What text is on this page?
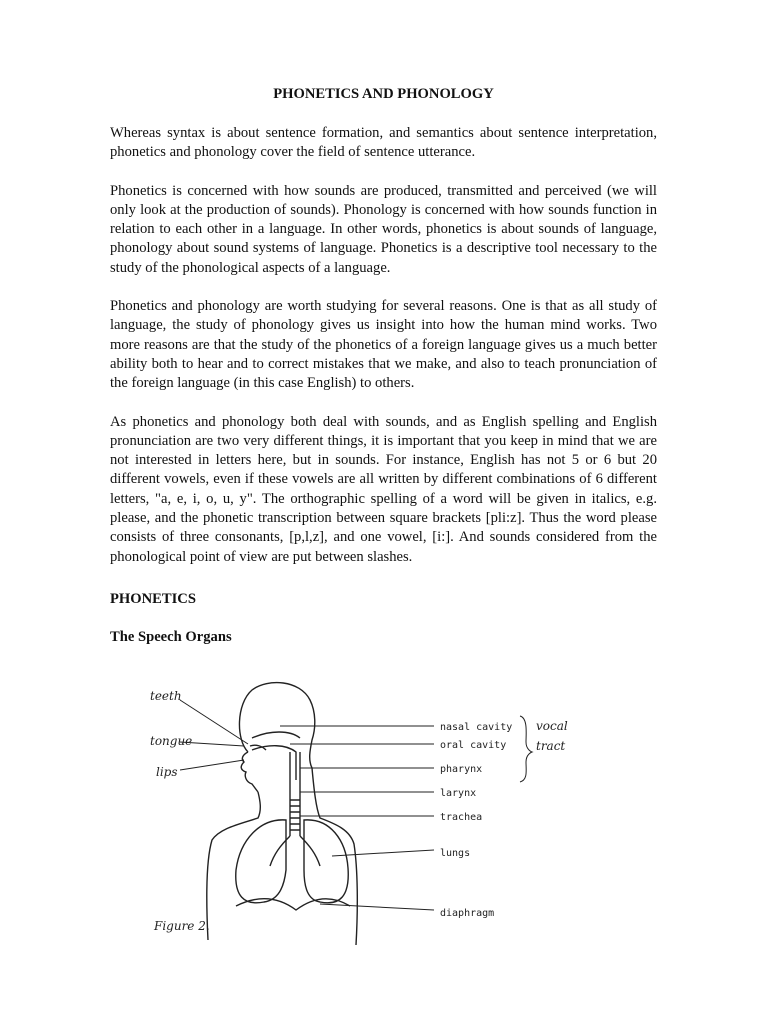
PHONETICS AND PHONOLOGY

Whereas syntax is about sentence formation, and semantics about sentence interpretation, phonetics and phonology cover the field of sentence utterance.

Phonetics is concerned with how sounds are produced, transmitted and perceived (we will only look at the production of sounds). Phonology is concerned with how sounds function in relation to each other in a language. In other words, phonetics is about sounds of language, phonology about sound systems of language. Phonetics is a descriptive tool necessary to the study of the phonological aspects of a language.

Phonetics and phonology are worth studying for several reasons. One is that as all study of language, the study of phonology gives us insight into how the human mind works. Two more reasons are that the study of the phonetics of a foreign language gives us a much better ability both to hear and to correct mistakes that we make, and also to teach pronunciation of the foreign language (in this case English) to others.

As phonetics and phonology both deal with sounds, and as English spelling and English pronunciation are two very different things, it is important that you keep in mind that we are not interested in letters here, but in sounds. For instance, English has not 5 or 6 but 20 different vowels, even if these vowels are all written by different combinations of 6 different letters, "a, e, i, o, u, y". The orthographic spelling of a word will be given in italics, e.g. please, and the phonetic transcription between square brackets [pli:z]. Thus the word please consists of three consonants, [p,l,z], and one vowel, [i:]. And sounds considered from the phonological point of view are put between slashes.

PHONETICS
The Speech Organs
teeth
tongue
lips
nasal cavity
oral cavity
pharynx
larynx
trachea
lungs
diaphragm
vocal
tract
Figure 2.
